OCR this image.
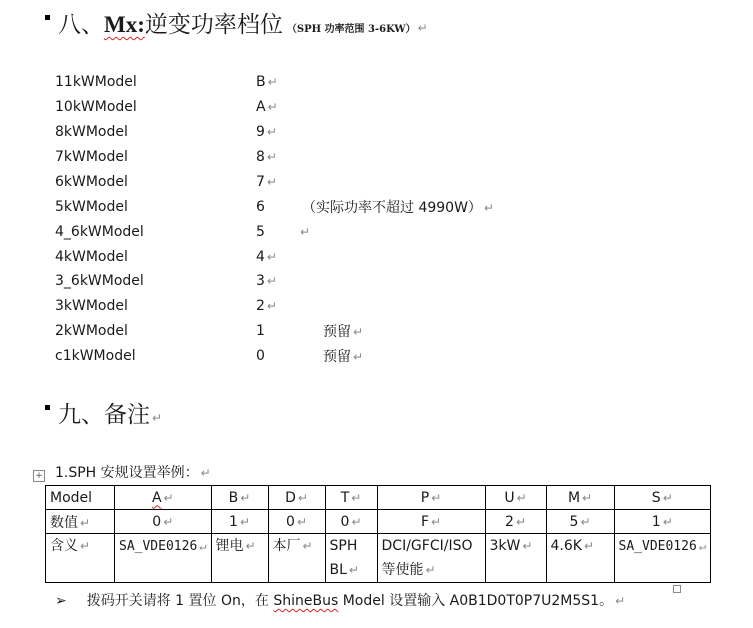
八、 Mx: 逆变功率档位 （SPH 功率范围 3-6KW） ↵
11kWModel	B ↵
10kWModel	A ↵
8kWModel	9 ↵
7kWModel	8 ↵
6kWModel	7 ↵
5kWModel	6	（实际功率不超过 4990W） ↵
4_6kWModel	5	↵
4kWModel	4 ↵
3_6kWModel	3 ↵
3kWModel	2 ↵
2kWModel	1	预留 ↵
c1kWModel	0	预留 ↵
九、备注 ↵
+ 1.SPH 安规设置举例： ↵
Model	A ↵	B ↵	D ↵	T ↵	P ↵	U ↵	M ↵	S ↵
数值 ↵	0 ↵	1 ↵	0 ↵	0 ↵	F ↵	2 ↵	5 ↵	1 ↵
含义 ↵	SA_VDE0126 ↵	锂电 ↵	本厂 ↵	SPH BL ↵	DCI/GFCI/ISO 等使能 ↵	3kW ↵	4.6K ↵	SA_VDE0126 ↵
➢ 拨码开关请将 1 置位 On，在 ShineBus Model 设置输入 A0B1D0T0P7U2M5S1。 ↵
